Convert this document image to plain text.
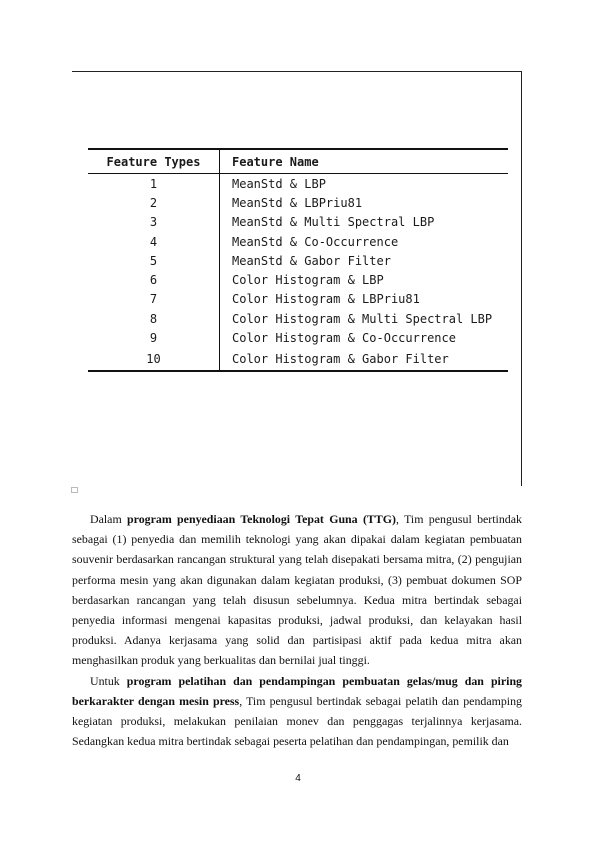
Feature Types	Feature Name
1	MeanStd & LBP
2	MeanStd & LBPriu81
3	MeanStd & Multi Spectral LBP
4	MeanStd & Co-Occurrence
5	MeanStd & Gabor Filter
6	Color Histogram & LBP
7	Color Histogram & LBPriu81
8	Color Histogram & Multi Spectral LBP
9	Color Histogram & Co-Occurrence
10	Color Histogram & Gabor Filter

Dalam program penyediaan Teknologi Tepat Guna (TTG), Tim pengusul bertindak sebagai (1) penyedia dan memilih teknologi yang akan dipakai dalam kegiatan pembuatan souvenir berdasarkan rancangan struktural yang telah disepakati bersama mitra, (2) pengujian performa mesin yang akan digunakan dalam kegiatan produksi, (3) pembuat dokumen SOP berdasarkan rancangan yang telah disusun sebelumnya. Kedua mitra bertindak sebagai penyedia informasi mengenai kapasitas produksi, jadwal produksi, dan kelayakan hasil produksi. Adanya kerjasama yang solid dan partisipasi aktif pada kedua mitra akan menghasilkan produk yang berkualitas dan bernilai jual tinggi.

Untuk program pelatihan dan pendampingan pembuatan gelas/mug dan piring berkarakter dengan mesin press, Tim pengusul bertindak sebagai pelatih dan pendamping kegiatan produksi, melakukan penilaian monev dan penggagas terjalinnya kerjasama. Sedangkan kedua mitra bertindak sebagai peserta pelatihan dan pendampingan, pemilik dan

4
